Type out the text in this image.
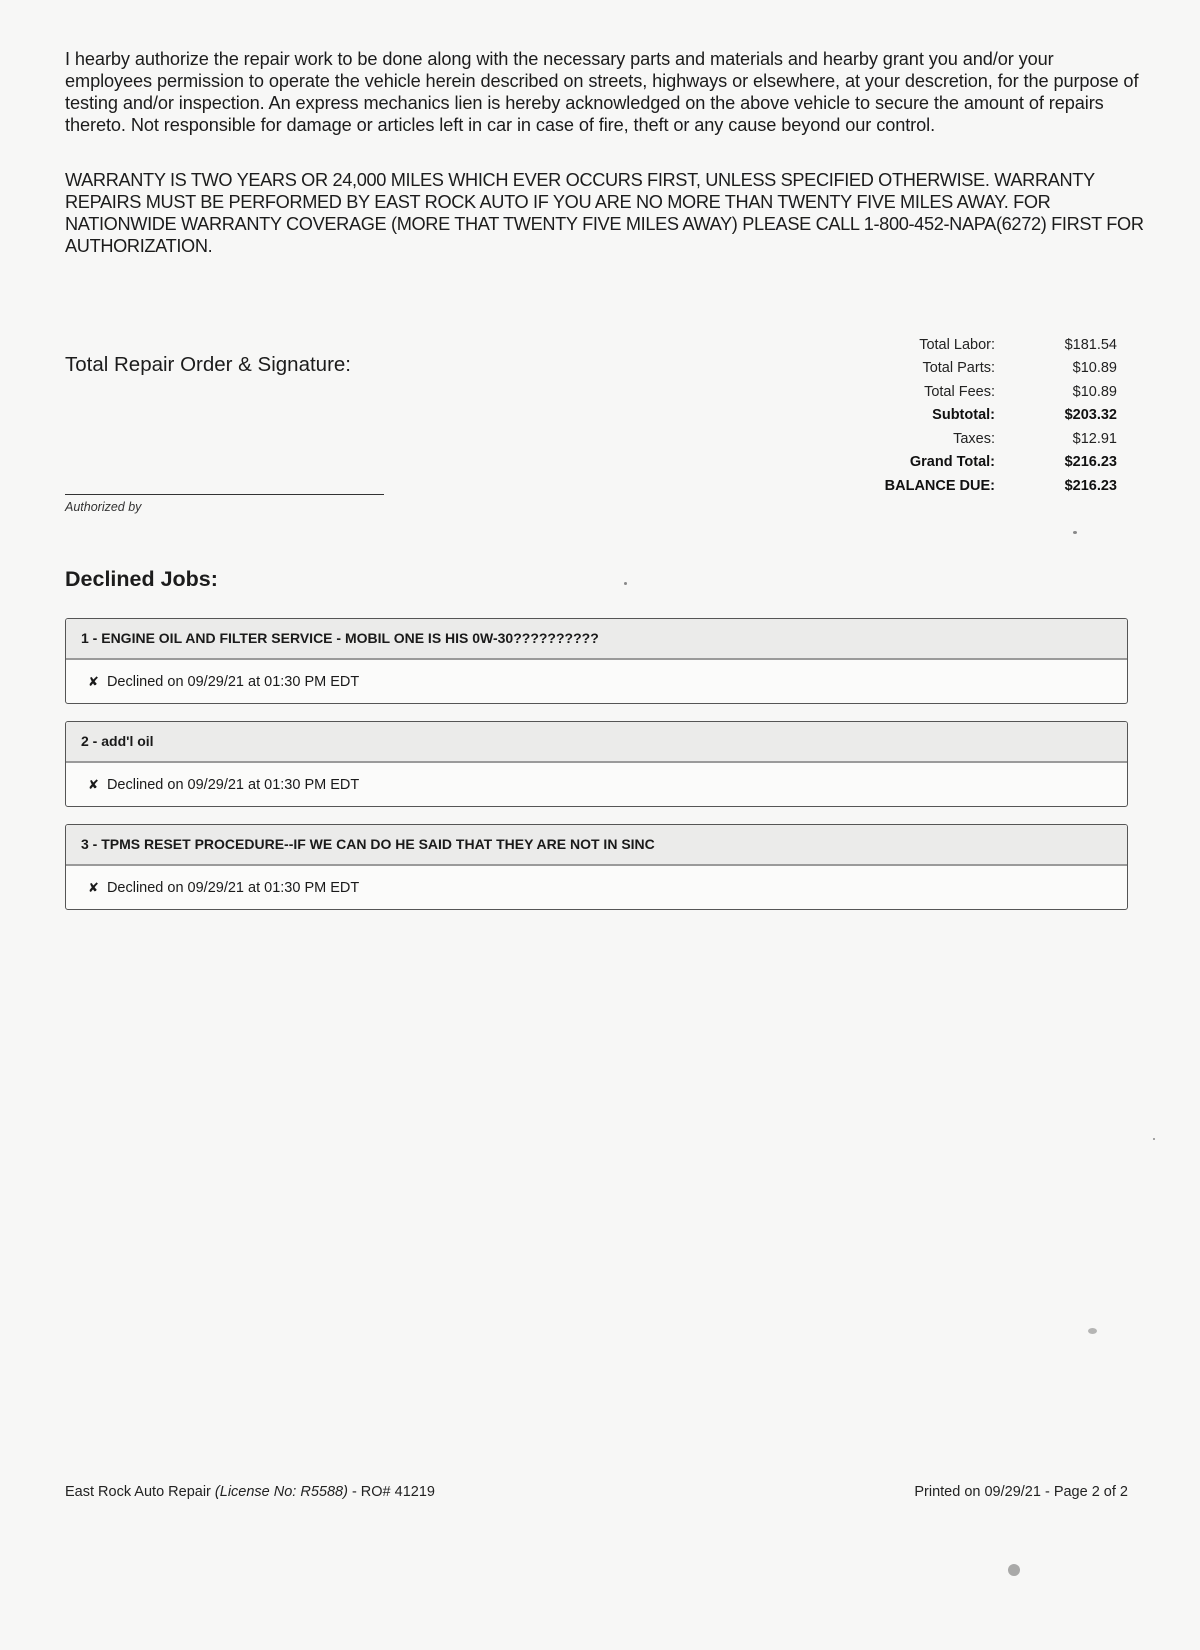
I hearby authorize the repair work to be done along with the necessary parts and materials and hearby grant you and/or your employees permission to operate the vehicle herein described on streets, highways or elsewhere, at your descretion, for the purpose of testing and/or inspection. An express mechanics lien is hereby acknowledged on the above vehicle to secure the amount of repairs thereto. Not responsible for damage or articles left in car in case of fire, theft or any cause beyond our control.

WARRANTY IS TWO YEARS OR 24,000 MILES WHICH EVER OCCURS FIRST, UNLESS SPECIFIED OTHERWISE. WARRANTY REPAIRS MUST BE PERFORMED BY EAST ROCK AUTO IF YOU ARE NO MORE THAN TWENTY FIVE MILES AWAY. FOR NATIONWIDE WARRANTY COVERAGE (MORE THAT TWENTY FIVE MILES AWAY) PLEASE CALL 1-800-452-NAPA(6272) FIRST FOR AUTHORIZATION.

Total Repair Order & Signature:
Authorized by
Total Labor:	$181.54
Total Parts:	$10.89
Total Fees:	$10.89
Subtotal:	$203.32
Taxes:	$12.91
Grand Total:	$216.23
BALANCE DUE:	$216.23
Declined Jobs:
1 - ENGINE OIL AND FILTER SERVICE - MOBIL ONE IS HIS 0W-30??????????
✘ Declined on 09/29/21 at 01:30 PM EDT
2 - add'l oil
✘ Declined on 09/29/21 at 01:30 PM EDT
3 - TPMS RESET PROCEDURE--IF WE CAN DO HE SAID THAT THEY ARE NOT IN SINC
✘ Declined on 09/29/21 at 01:30 PM EDT
East Rock Auto Repair (License No: R5588) - RO# 41219	Printed on 09/29/21 - Page 2 of 2
